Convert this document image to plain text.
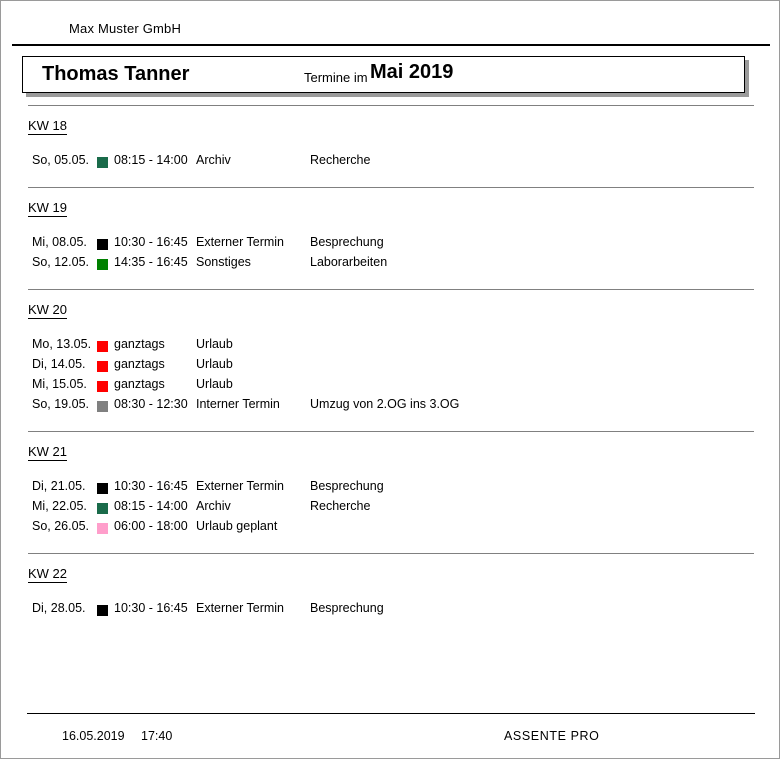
Max Muster GmbH
Thomas Tanner	Termine im Mai 2019
KW 18
So, 05.05.	08:15 - 14:00 Archiv	Recherche
KW 19
Mi, 08.05.	10:30 - 16:45 Externer Termin	Besprechung
So, 12.05.	14:35 - 16:45 Sonstiges	Laborarbeiten
KW 20
Mo, 13.05. ganztags	Urlaub
Di, 14.05.	ganztags	Urlaub
Mi, 15.05.	ganztags	Urlaub
So, 19.05.	08:30 - 12:30 Interner Termin	Umzug von 2.OG ins 3.OG
KW 21
Di, 21.05.	10:30 - 16:45 Externer Termin	Besprechung
Mi, 22.05.	08:15 - 14:00 Archiv	Recherche
So, 26.05.	06:00 - 18:00 Urlaub geplant
KW 22
Di, 28.05.	10:30 - 16:45 Externer Termin	Besprechung
16.05.2019 17:40	ASSENTE PRO
